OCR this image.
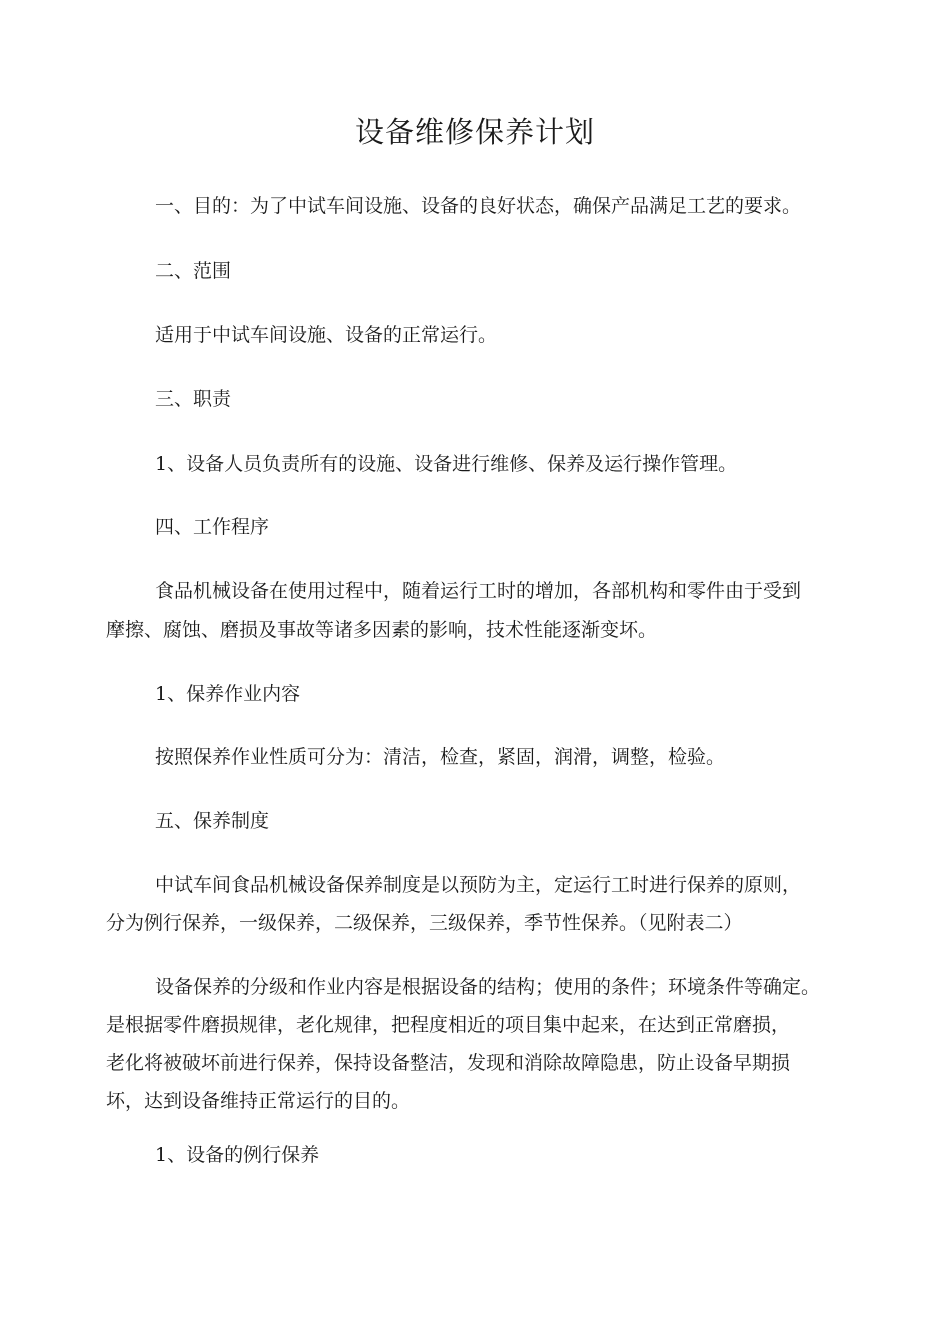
设备维修保养计划

一、目的：为了中试车间设施、设备的良好状态，确保产品满足工艺的要求。

二、范围

适用于中试车间设施、设备的正常运行。

三、职责

1、设备人员负责所有的设施、设备进行维修、保养及运行操作管理。

四、工作程序

食品机械设备在使用过程中，随着运行工时的增加，各部机构和零件由于受到

摩擦、腐蚀、磨损及事故等诸多因素的影响，技术性能逐渐变坏。

1、保养作业内容

按照保养作业性质可分为：清洁，检查，紧固，润滑，调整，检验。

五、保养制度

中试车间食品机械设备保养制度是以预防为主，定运行工时进行保养的原则，

分为例行保养，一级保养，二级保养，三级保养，季节性保养。（见附表二）

设备保养的分级和作业内容是根据设备的结构；使用的条件；环境条件等确定。

是根据零件磨损规律，老化规律，把程度相近的项目集中起来，在达到正常磨损，

老化将被破坏前进行保养，保持设备整洁，发现和消除故障隐患，防止设备早期损

坏，达到设备维持正常运行的目的。

1、设备的例行保养
